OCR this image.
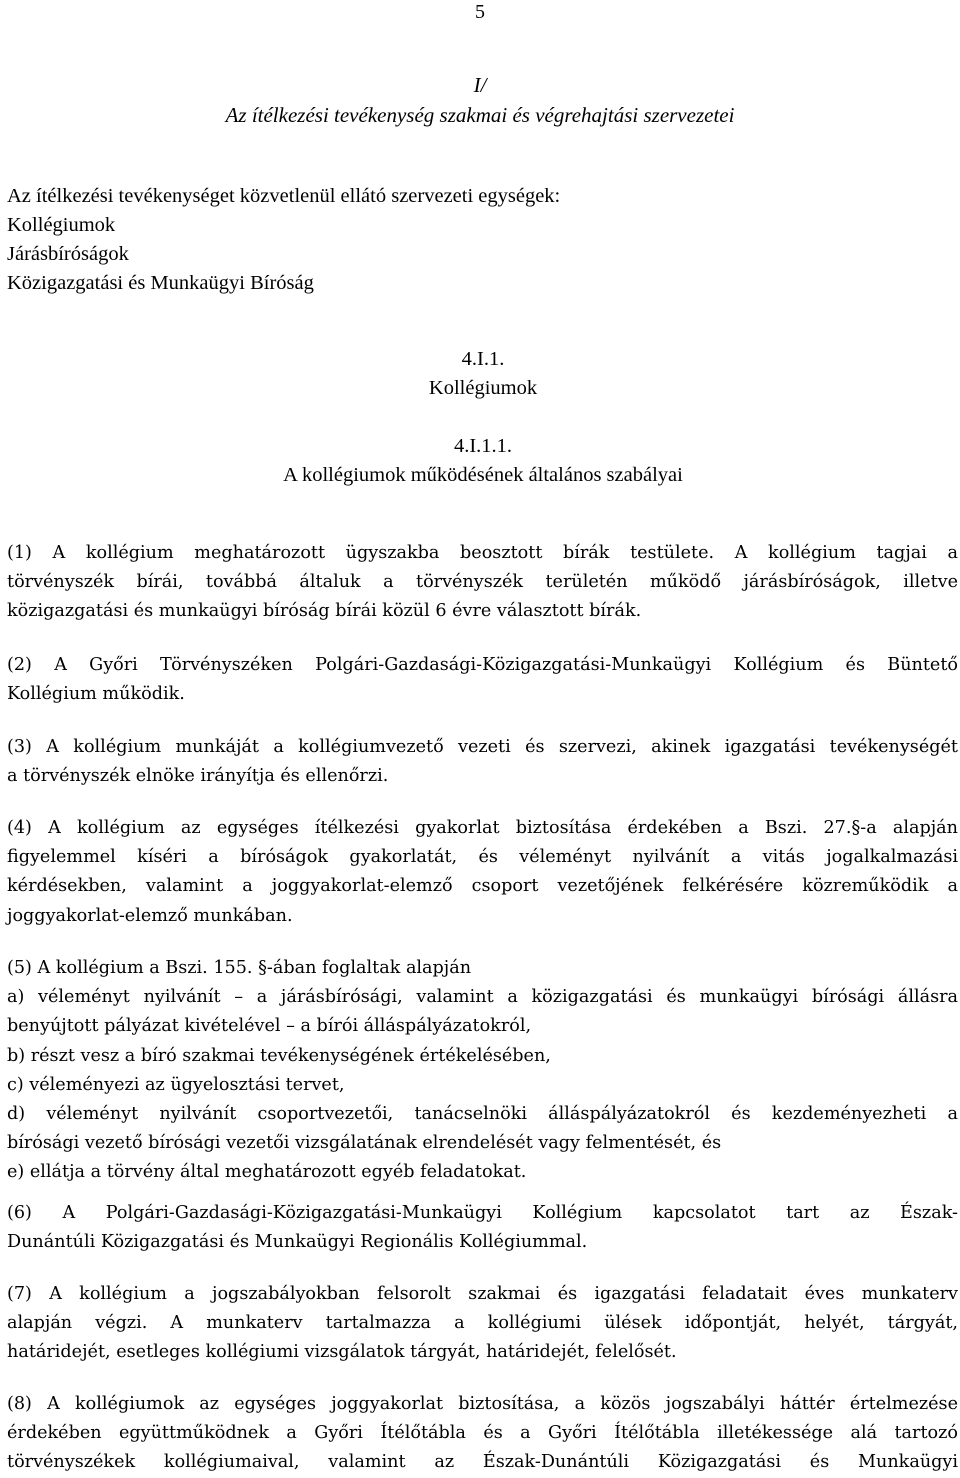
5
I/
Az ítélkezési tevékenység szakmai és végrehajtási szervezetei
Az ítélkezési tevékenységet közvetlenül ellátó szervezeti egységek:
Kollégiumok
Járásbíróságok
Közigazgatási és Munkaügyi Bíróság
4.I.1.
Kollégiumok
4.I.1.1.
A kollégiumok működésének általános szabályai
(1) A kollégium meghatározott ügyszakba beosztott bírák testülete. A kollégium tagjai a
törvényszék bírái, továbbá általuk a törvényszék területén működő járásbíróságok, illetve
közigazgatási és munkaügyi bíróság bírái közül 6 évre választott bírák.
(2) A Győri Törvényszéken Polgári-Gazdasági-Közigazgatási-Munkaügyi Kollégium és Büntető
Kollégium működik.
(3) A kollégium munkáját a kollégiumvezető vezeti és szervezi, akinek igazgatási tevékenységét
a törvényszék elnöke irányítja és ellenőrzi.
(4) A kollégium az egységes ítélkezési gyakorlat biztosítása érdekében a Bszi. 27.§-a alapján
figyelemmel kíséri a bíróságok gyakorlatát, és véleményt nyilvánít a vitás jogalkalmazási
kérdésekben, valamint a joggyakorlat-elemző csoport vezetőjének felkérésére közreműködik a
joggyakorlat-elemző munkában.
(5) A kollégium a Bszi. 155. §-ában foglaltak alapján
a) véleményt nyilvánít – a járásbírósági, valamint a közigazgatási és munkaügyi bírósági állásra
benyújtott pályázat kivételével – a bírói álláspályázatokról,
b) részt vesz a bíró szakmai tevékenységének értékelésében,
c) véleményezi az ügyelosztási tervet,
d) véleményt nyilvánít csoportvezetői, tanácselnöki álláspályázatokról és kezdeményezheti a
bírósági vezető bírósági vezetői vizsgálatának elrendelését vagy felmentését, és
e) ellátja a törvény által meghatározott egyéb feladatokat.
(6) A Polgári-Gazdasági-Közigazgatási-Munkaügyi Kollégium kapcsolatot tart az Észak-
Dunántúli Közigazgatási és Munkaügyi Regionális Kollégiummal.
(7) A kollégium a jogszabályokban felsorolt szakmai és igazgatási feladatait éves munkaterv
alapján végzi. A munkaterv tartalmazza a kollégiumi ülések időpontját, helyét, tárgyát,
határidejét, esetleges kollégiumi vizsgálatok tárgyát, határidejét, felelősét.
(8) A kollégiumok az egységes joggyakorlat biztosítása, a közös jogszabályi háttér értelmezése
érdekében együttműködnek a Győri Ítélőtábla és a Győri Ítélőtábla illetékessége alá tartozó
törvényszékek kollégiumaival, valamint az Észak-Dunántúli Közigazgatási és Munkaügyi
